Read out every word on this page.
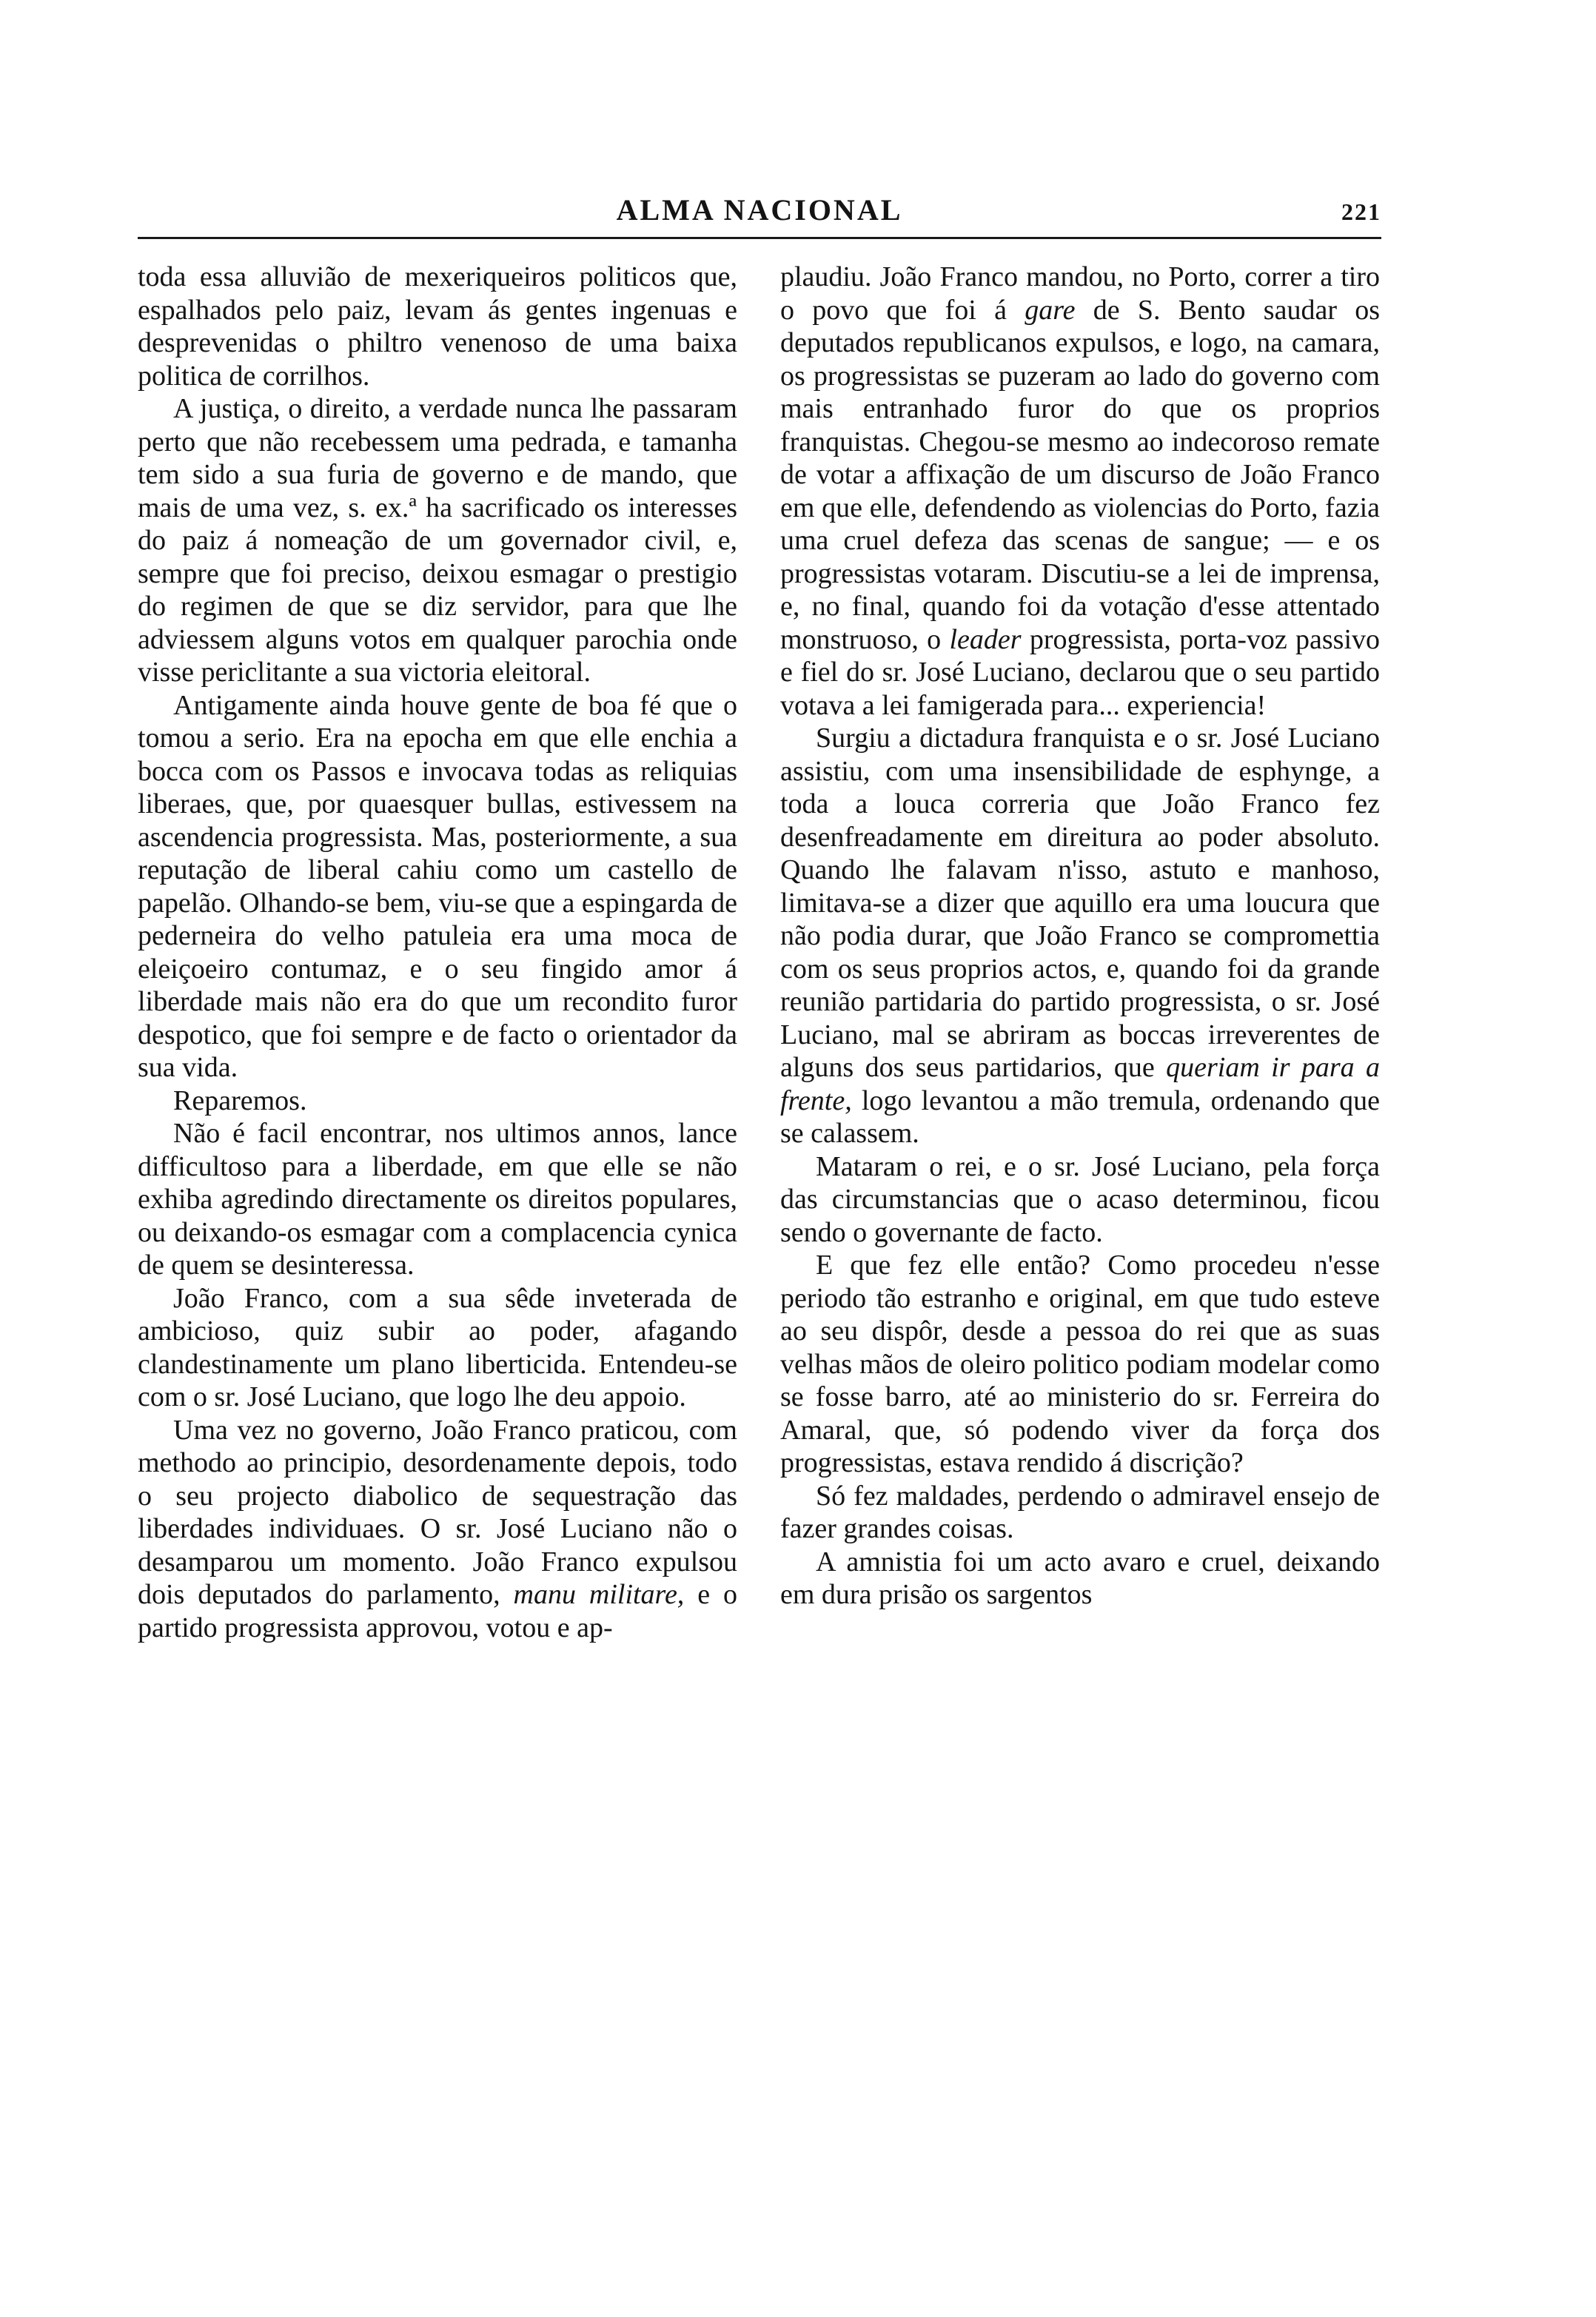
ALMA NACIONAL	221

toda essa alluvião de mexeriqueiros politicos que, espalhados pelo paiz, levam ás gentes ingenuas e desprevenidas o philtro venenoso de uma baixa politica de corrilhos.

A justiça, o direito, a verdade nunca lhe passaram perto que não recebessem uma pedrada, e tamanha tem sido a sua furia de governo e de mando, que mais de uma vez, s. ex.ª ha sacrificado os interesses do paiz á nomeação de um governador civil, e, sempre que foi preciso, deixou esmagar o prestigio do regimen de que se diz servidor, para que lhe adviessem alguns votos em qualquer parochia onde visse periclitante a sua victoria eleitoral.

Antigamente ainda houve gente de boa fé que o tomou a serio. Era na epocha em que elle enchia a bocca com os Passos e invocava todas as reliquias liberaes, que, por quaesquer bullas, estivessem na ascendencia progressista. Mas, posteriormente, a sua reputação de liberal cahiu como um castello de papelão. Olhando-se bem, viu-se que a espingarda de pederneira do velho patuleia era uma moca de eleiçoeiro contumaz, e o seu fingido amor á liberdade mais não era do que um recondito furor despotico, que foi sempre e de facto o orientador da sua vida.

Reparemos.

Não é facil encontrar, nos ultimos annos, lance difficultoso para a liberdade, em que elle se não exhiba agredindo directamente os direitos populares, ou deixando-os esmagar com a complacencia cynica de quem se desinteressa.

João Franco, com a sua sêde inveterada de ambicioso, quiz subir ao poder, afagando clandestinamente um plano liberticida. Entendeu-se com o sr. José Luciano, que logo lhe deu appoio.

Uma vez no governo, João Franco praticou, com methodo ao principio, desordenamente depois, todo o seu projecto diabolico de sequestração das liberdades individuaes. O sr. José Luciano não o desamparou um momento. João Franco expulsou dois deputados do parlamento, manu militare, e o partido progressista approvou, votou e ap-

plaudiu. João Franco mandou, no Porto, correr a tiro o povo que foi á gare de S. Bento saudar os deputados republicanos expulsos, e logo, na camara, os progressistas se puzeram ao lado do governo com mais entranhado furor do que os proprios franquistas. Chegou-se mesmo ao indecoroso remate de votar a affixação de um discurso de João Franco em que elle, defendendo as violencias do Porto, fazia uma cruel defeza das scenas de sangue; — e os progressistas votaram. Discutiu-se a lei de imprensa, e, no final, quando foi da votação d'esse attentado monstruoso, o leader progressista, porta-voz passivo e fiel do sr. José Luciano, declarou que o seu partido votava a lei famigerada para... experiencia!

Surgiu a dictadura franquista e o sr. José Luciano assistiu, com uma insensibilidade de esphynge, a toda a louca correria que João Franco fez desenfreadamente em direitura ao poder absoluto. Quando lhe falavam n'isso, astuto e manhoso, limitava-se a dizer que aquillo era uma loucura que não podia durar, que João Franco se compromettia com os seus proprios actos, e, quando foi da grande reunião partidaria do partido progressista, o sr. José Luciano, mal se abriram as boccas irreverentes de alguns dos seus partidarios, que queriam ir para a frente, logo levantou a mão tremula, ordenando que se calassem.

Mataram o rei, e o sr. José Luciano, pela força das circumstancias que o acaso determinou, ficou sendo o governante de facto.

E que fez elle então? Como procedeu n'esse periodo tão estranho e original, em que tudo esteve ao seu dispôr, desde a pessoa do rei que as suas velhas mãos de oleiro politico podiam modelar como se fosse barro, até ao ministerio do sr. Ferreira do Amaral, que, só podendo viver da força dos progressistas, estava rendido á discrição?

Só fez maldades, perdendo o admiravel ensejo de fazer grandes coisas.

A amnistia foi um acto avaro e cruel, deixando em dura prisão os sargentos
